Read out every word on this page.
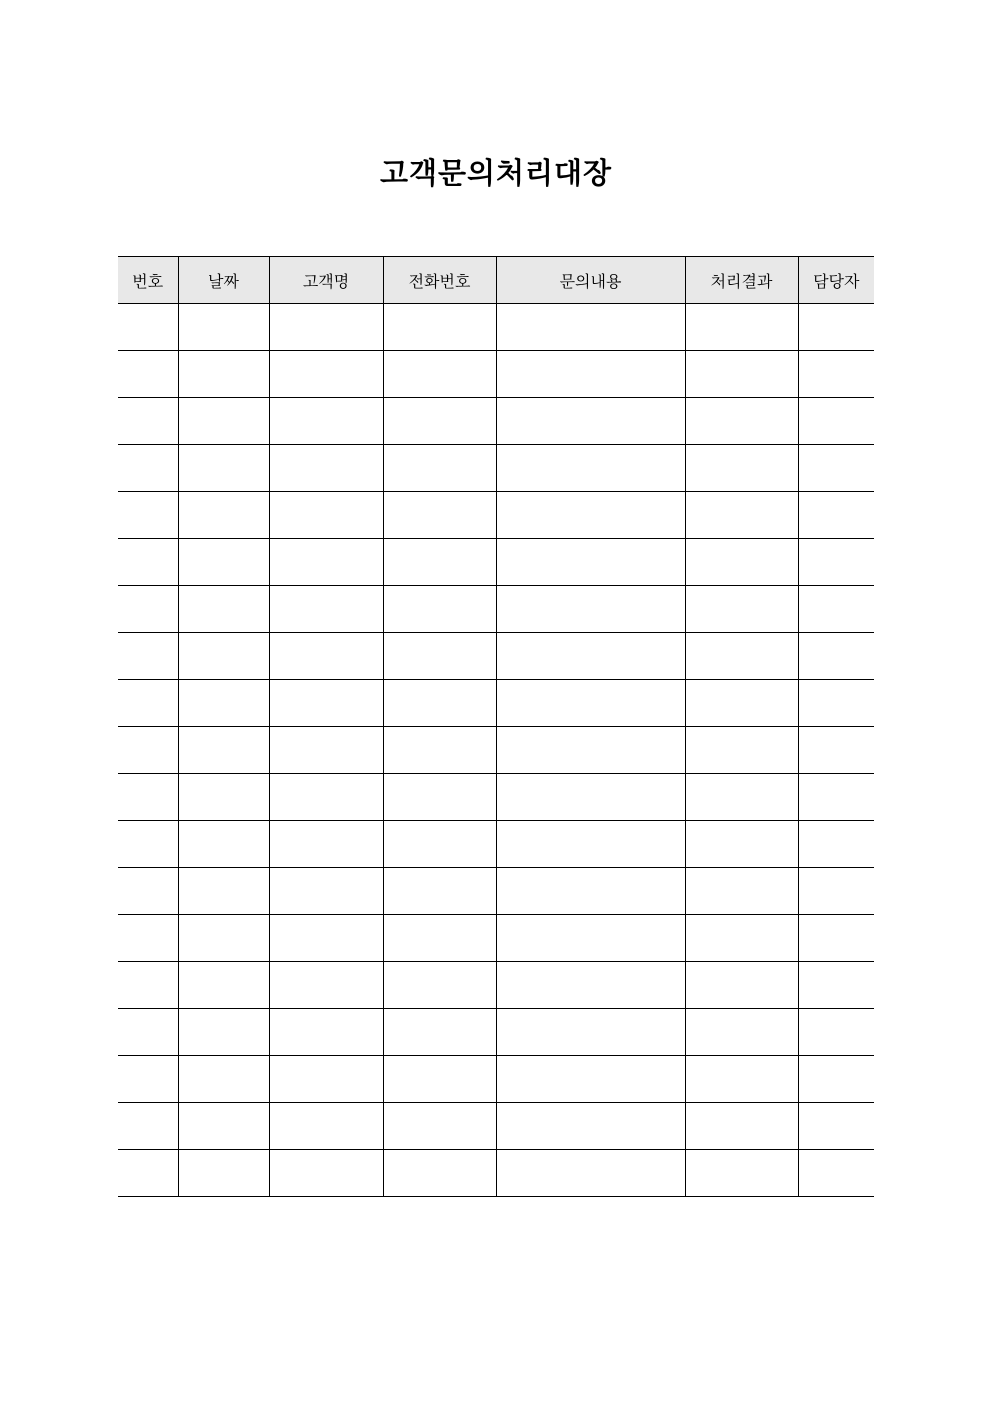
고객문의처리대장
번호	날짜	고객명	전화번호	문의내용	처리결과	담당자
